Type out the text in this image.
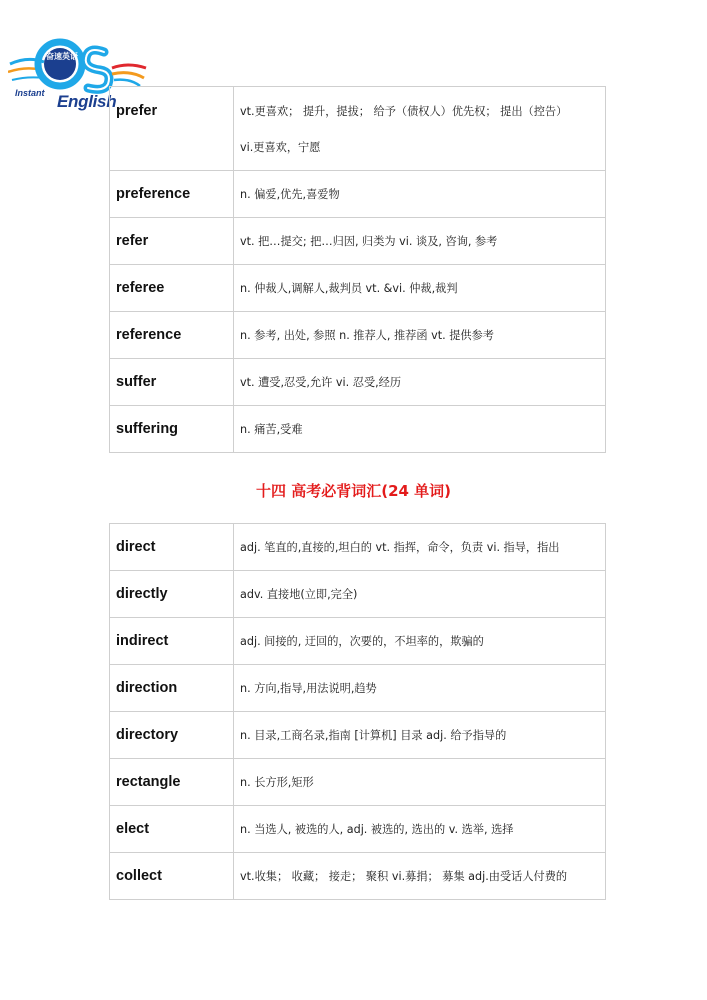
奋速英语
Instant English prefer	vt.更喜欢； 提升，提拔； 给予（债权人）优先权； 提出（控告）
vi.更喜欢，宁愿

preference	n. 偏爱,优先,喜爱物
refer	vt. 把…提交; 把…归因, 归类为 vi. 谈及, 咨询, 参考
referee	n. 仲裁人,调解人,裁判员 vt. &vi. 仲裁,裁判
reference	n. 参考, 出处, 参照 n. 推荐人, 推荐函 vt. 提供参考
suffer	vt. 遭受,忍受,允许 vi. 忍受,经历
suffering	n. 痛苦,受难
十四 高考必背词汇(24 单词)
direct	adj. 笔直的,直接的,坦白的 vt. 指挥，命令，负责 vi. 指导，指出
directly	adv. 直接地(立即,完全)
indirect	adj. 间接的, 迂回的，次要的，不坦率的，欺骗的
direction	n. 方向,指导,用法说明,趋势
directory	n. 目录,工商名录,指南 [计算机] 目录 adj. 给予指导的
rectangle	n. 长方形,矩形
elect	n. 当选人, 被选的人, adj. 被选的, 选出的 v. 选举, 选择
collect	vt.收集； 收藏； 接走； 聚积 vi.募捐； 募集 adj.由受话人付费的
